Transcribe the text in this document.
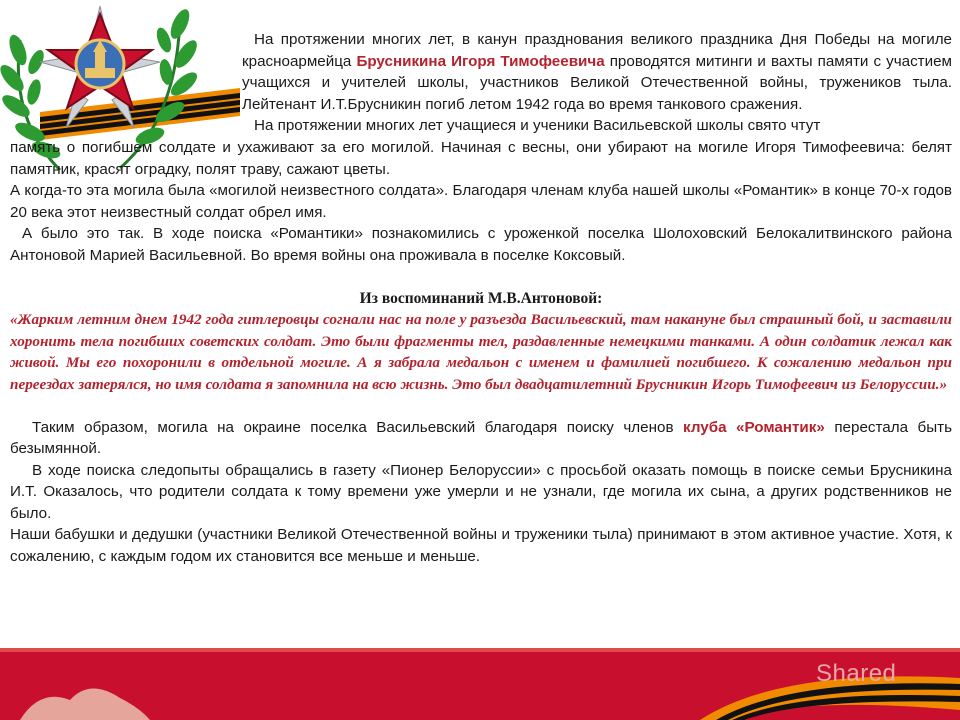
На протяжении многих лет, в канун празднования великого праздника Дня Победы на могиле красноармейца Брусникина Игоря Тимофеевича проводятся митинги и вахты памяти с участием учащихся и учителей школы, участников Великой Отечественной войны, тружеников тыла. Лейтенант И.Т.Брусникин погиб летом 1942 года во время танкового сражения.

На протяжении многих лет учащиеся и ученики Васильевской школы свято чтут

память о погибшем солдате и ухаживают за его могилой. Начиная с весны, они убирают на могиле Игоря Тимофеевича: белят памятник, красят оградку, полят траву, сажают цветы.

А когда-то эта могила была «могилой неизвестного солдата». Благодаря членам клуба нашей школы «Романтик» в конце 70-х годов 20 века этот неизвестный солдат обрел имя.

А было это так. В ходе поиска «Романтики» познакомились с уроженкой поселка Шолоховский Белокалитвинского района Антоновой Марией Васильевной. Во время войны она проживала в поселке Коксовый.

Из воспоминаний М.В.Антоновой:

«Жарким летним днем 1942 года гитлеровцы согнали нас на поле у разъезда Васильевский, там накануне был страшный бой, и заставили хоронить тела погибших советских солдат. Это были фрагменты тел, раздавленные немецкими танками. А один солдатик лежал как живой. Мы его похоронили в отдельной могиле. А я забрала медальон с именем и фамилией погибшего. К сожалению медальон при переездах затерялся, но имя солдата я запомнила на всю жизнь. Это был двадцатилетний Брусникин Игорь Тимофеевич из Белоруссии.»

Таким образом, могила на окраине поселка Васильевский благодаря поиску членов клуба «Романтик» перестала быть безымянной.

В ходе поиска следопыты обращались в газету «Пионер Белоруссии» с просьбой оказать помощь в поиске семьи Брусникина И.Т. Оказалось, что родители солдата к тому времени уже умерли и не узнали, где могила их сына, а других родственников не было.

Наши бабушки и дедушки (участники Великой Отечественной войны и труженики тыла) принимают в этом активное участие. Хотя, к сожалению, с каждым годом их становится все меньше и меньше.

Shared
